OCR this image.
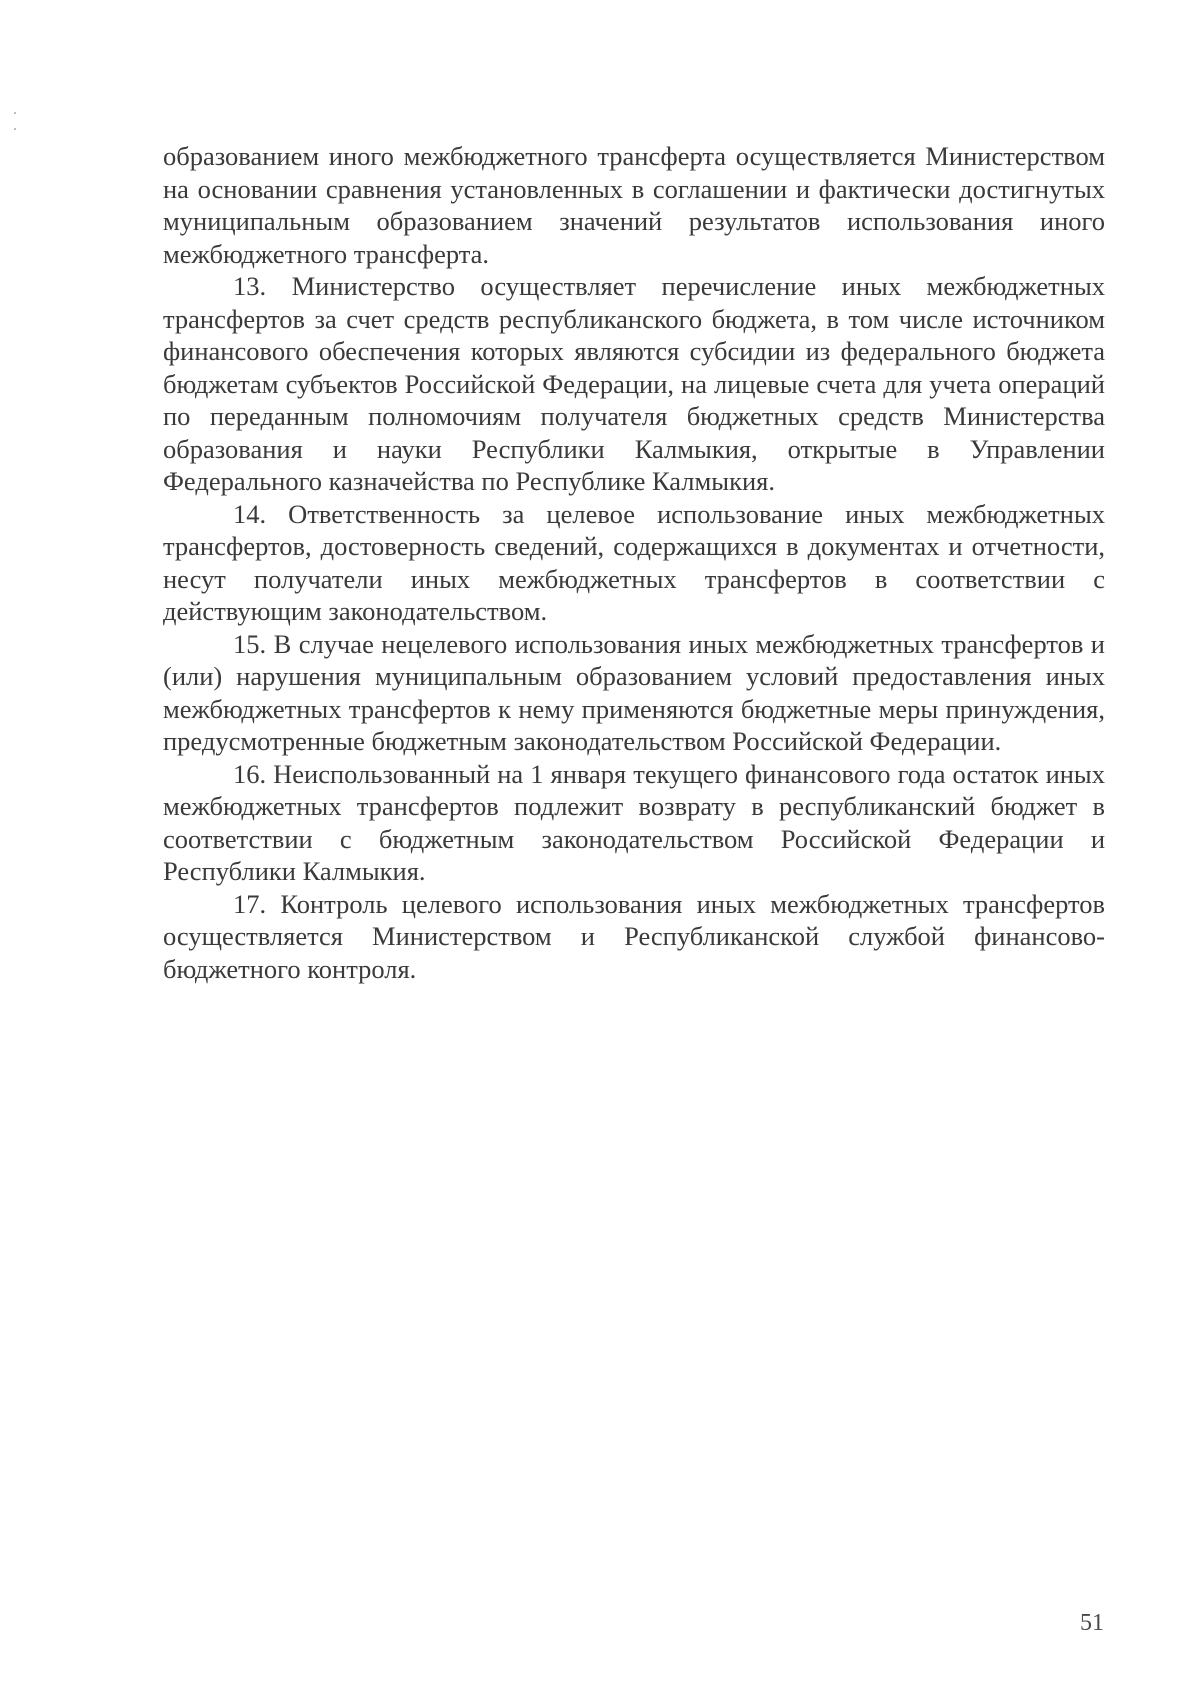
образованием иного межбюджетного трансферта осуществляется Министерством на основании сравнения установленных в соглашении и фактически достигнутых муниципальным образованием значений результатов использования иного межбюджетного трансферта.

13. Министерство осуществляет перечисление иных межбюджетных трансфертов за счет средств республиканского бюджета, в том числе источником финансового обеспечения которых являются субсидии из федерального бюджета бюджетам субъектов Российской Федерации, на лицевые счета для учета операций по переданным полномочиям получателя бюджетных средств Министерства образования и науки Республики Калмыкия, открытые в Управлении Федерального казначейства по Республике Калмыкия.

14. Ответственность за целевое использование иных межбюджетных трансфертов, достоверность сведений, содержащихся в документах и отчетности, несут получатели иных межбюджетных трансфертов в соответствии с действующим законодательством.

15. В случае нецелевого использования иных межбюджетных трансфертов и (или) нарушения муниципальным образованием условий предоставления иных межбюджетных трансфертов к нему применяются бюджетные меры принуждения, предусмотренные бюджетным законодательством Российской Федерации.

16. Неиспользованный на 1 января текущего финансового года остаток иных межбюджетных трансфертов подлежит возврату в республиканский бюджет в соответствии с бюджетным законодательством Российской Федерации и Республики Калмыкия.

17. Контроль целевого использования иных межбюджетных трансфертов осуществляется Министерством и Республиканской службой финансово-бюджетного контроля.

51
